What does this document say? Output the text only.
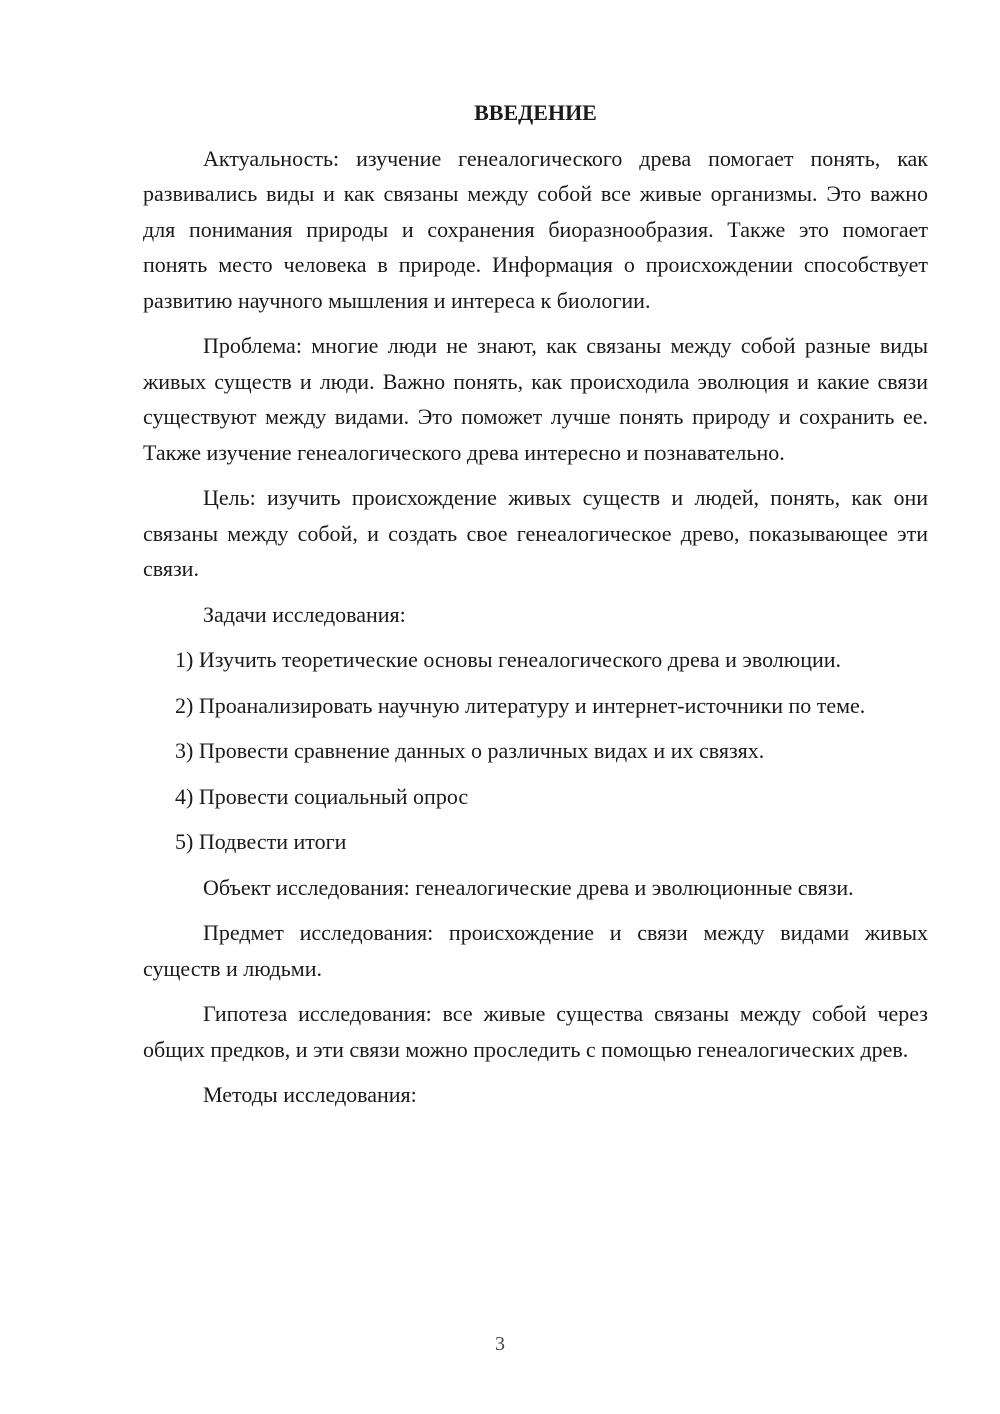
ВВЕДЕНИЕ

Актуальность: изучение генеалогического древа помогает понять, как развивались виды и как связаны между собой все живые организмы. Это важно для понимания природы и сохранения биоразнообразия. Также это помогает понять место человека в природе. Информация о происхождении способствует развитию научного мышления и интереса к биологии.

Проблема: многие люди не знают, как связаны между собой разные виды живых существ и люди. Важно понять, как происходила эволюция и какие связи существуют между видами. Это поможет лучше понять природу и сохранить ее. Также изучение генеалогического древа интересно и познавательно.

Цель: изучить происхождение живых существ и людей, понять, как они связаны между собой, и создать свое генеалогическое древо, показывающее эти связи.

Задачи исследования:

1) Изучить теоретические основы генеалогического древа и эволюции.

2) Проанализировать научную литературу и интернет-источники по теме.

3) Провести сравнение данных о различных видах и их связях.

4) Провести социальный опрос

5) Подвести итоги

Объект исследования: генеалогические древа и эволюционные связи.

Предмет исследования: происхождение и связи между видами живых существ и людьми.

Гипотеза исследования: все живые существа связаны между собой через общих предков, и эти связи можно проследить с помощью генеалогических древ.

Методы исследования:

3
